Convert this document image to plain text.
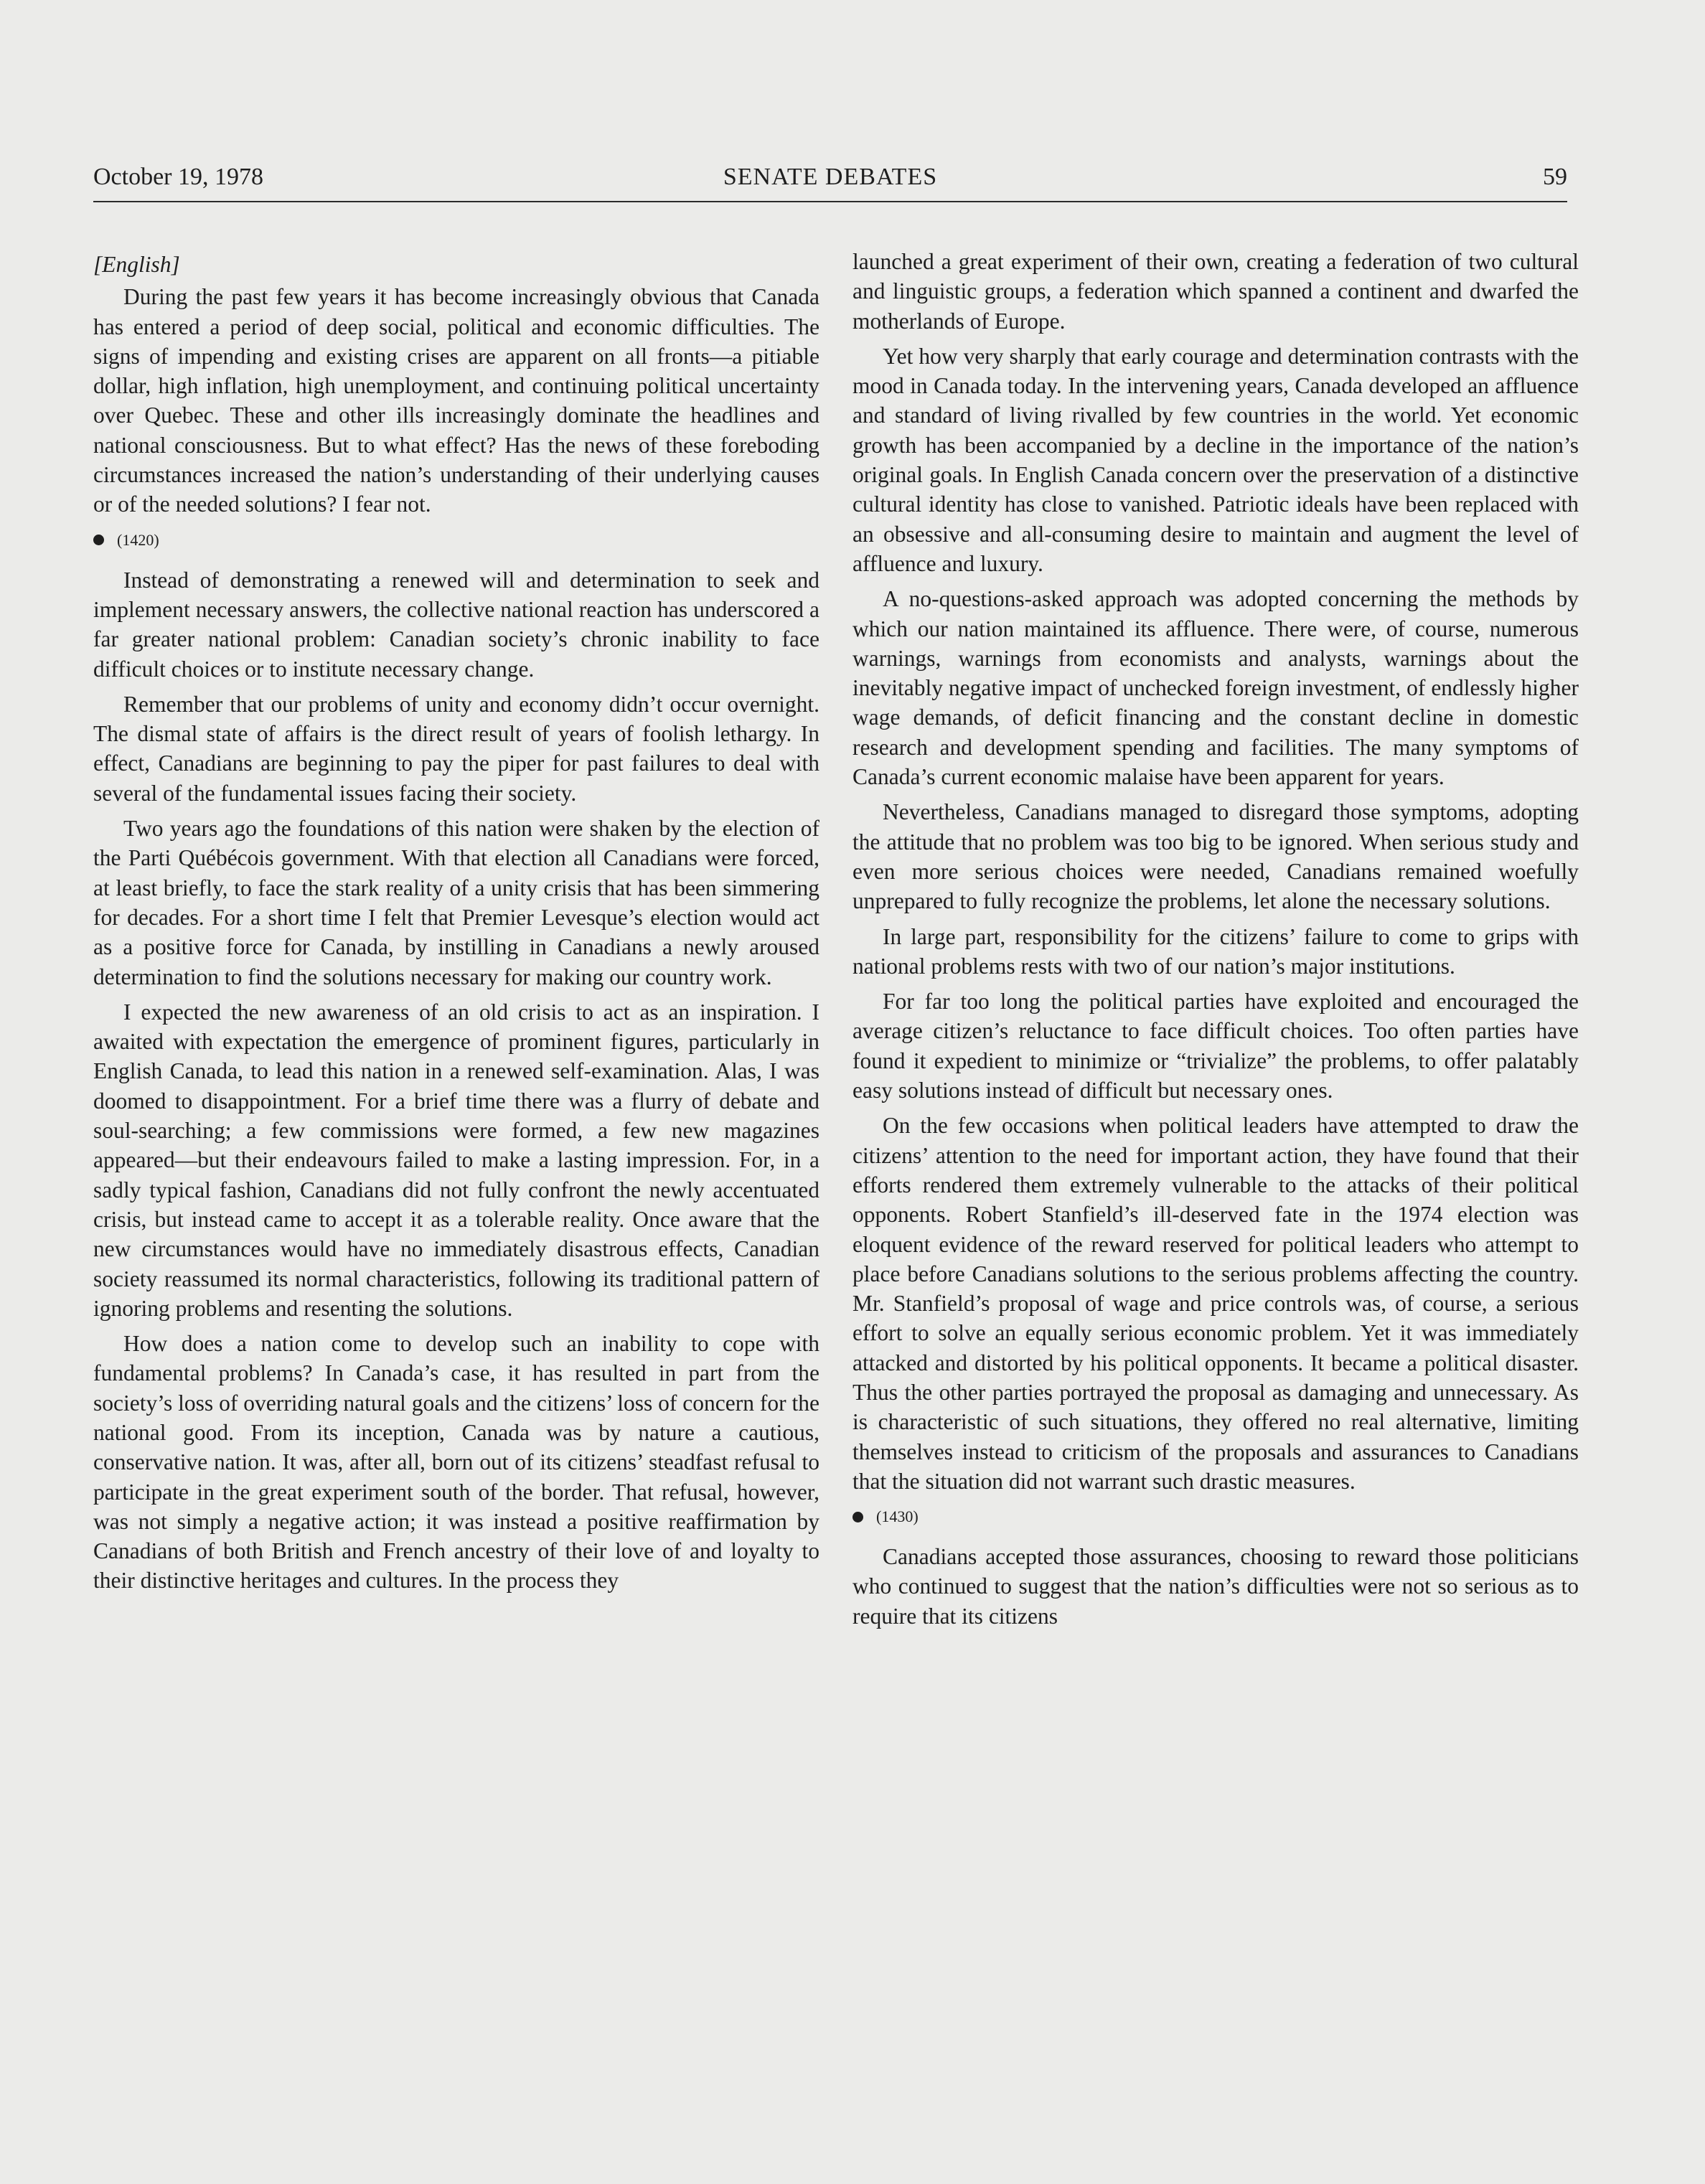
October 19, 1978	SENATE DEBATES	59
[English]

During the past few years it has become increasingly obvious that Canada has entered a period of deep social, political and economic difficulties. The signs of impending and existing crises are apparent on all fronts—a pitiable dollar, high inflation, high unemployment, and continuing political uncertainty over Quebec. These and other ills increasingly dominate the headlines and national consciousness. But to what effect? Has the news of these foreboding circumstances increased the nation’s understanding of their underlying causes or of the needed solutions? I fear not.

(1420)

Instead of demonstrating a renewed will and determination to seek and implement necessary answers, the collective national reaction has underscored a far greater national problem: Canadian society’s chronic inability to face difficult choices or to institute necessary change.

Remember that our problems of unity and economy didn’t occur overnight. The dismal state of affairs is the direct result of years of foolish lethargy. In effect, Canadians are beginning to pay the piper for past failures to deal with several of the fundamental issues facing their society.

Two years ago the foundations of this nation were shaken by the election of the Parti Québécois government. With that election all Canadians were forced, at least briefly, to face the stark reality of a unity crisis that has been simmering for decades. For a short time I felt that Premier Levesque’s election would act as a positive force for Canada, by instilling in Canadians a newly aroused determination to find the solutions necessary for making our country work.

I expected the new awareness of an old crisis to act as an inspiration. I awaited with expectation the emergence of prominent figures, particularly in English Canada, to lead this nation in a renewed self-examination. Alas, I was doomed to disappointment. For a brief time there was a flurry of debate and soul-searching; a few commissions were formed, a few new magazines appeared—but their endeavours failed to make a lasting impression. For, in a sadly typical fashion, Canadians did not fully confront the newly accentuated crisis, but instead came to accept it as a tolerable reality. Once aware that the new circumstances would have no immediately disastrous effects, Canadian society reassumed its normal characteristics, following its traditional pattern of ignoring problems and resenting the solutions.

How does a nation come to develop such an inability to cope with fundamental problems? In Canada’s case, it has resulted in part from the society’s loss of overriding natural goals and the citizens’ loss of concern for the national good. From its inception, Canada was by nature a cautious, conservative nation. It was, after all, born out of its citizens’ steadfast refusal to participate in the great experiment south of the border. That refusal, however, was not simply a negative action; it was instead a positive reaffirmation by Canadians of both British and French ancestry of their love of and loyalty to their distinctive heritages and cultures. In the process they

launched a great experiment of their own, creating a federation of two cultural and linguistic groups, a federation which spanned a continent and dwarfed the motherlands of Europe.

Yet how very sharply that early courage and determination contrasts with the mood in Canada today. In the intervening years, Canada developed an affluence and standard of living rivalled by few countries in the world. Yet economic growth has been accompanied by a decline in the importance of the nation’s original goals. In English Canada concern over the preservation of a distinctive cultural identity has close to vanished. Patriotic ideals have been replaced with an obsessive and all-consuming desire to maintain and augment the level of affluence and luxury.

A no-questions-asked approach was adopted concerning the methods by which our nation maintained its affluence. There were, of course, numerous warnings, warnings from economists and analysts, warnings about the inevitably negative impact of unchecked foreign investment, of endlessly higher wage demands, of deficit financing and the constant decline in domestic research and development spending and facilities. The many symptoms of Canada’s current economic malaise have been apparent for years.

Nevertheless, Canadians managed to disregard those symptoms, adopting the attitude that no problem was too big to be ignored. When serious study and even more serious choices were needed, Canadians remained woefully unprepared to fully recognize the problems, let alone the necessary solutions.

In large part, responsibility for the citizens’ failure to come to grips with national problems rests with two of our nation’s major institutions.

For far too long the political parties have exploited and encouraged the average citizen’s reluctance to face difficult choices. Too often parties have found it expedient to minimize or “trivialize” the problems, to offer palatably easy solutions instead of difficult but necessary ones.

On the few occasions when political leaders have attempted to draw the citizens’ attention to the need for important action, they have found that their efforts rendered them extremely vulnerable to the attacks of their political opponents. Robert Stanfield’s ill-deserved fate in the 1974 election was eloquent evidence of the reward reserved for political leaders who attempt to place before Canadians solutions to the serious problems affecting the country. Mr. Stanfield’s proposal of wage and price controls was, of course, a serious effort to solve an equally serious economic problem. Yet it was immediately attacked and distorted by his political opponents. It became a political disaster. Thus the other parties portrayed the proposal as damaging and unnecessary. As is characteristic of such situations, they offered no real alternative, limiting themselves instead to criticism of the proposals and assurances to Canadians that the situation did not warrant such drastic measures.

(1430)

Canadians accepted those assurances, choosing to reward those politicians who continued to suggest that the nation’s difficulties were not so serious as to require that its citizens
